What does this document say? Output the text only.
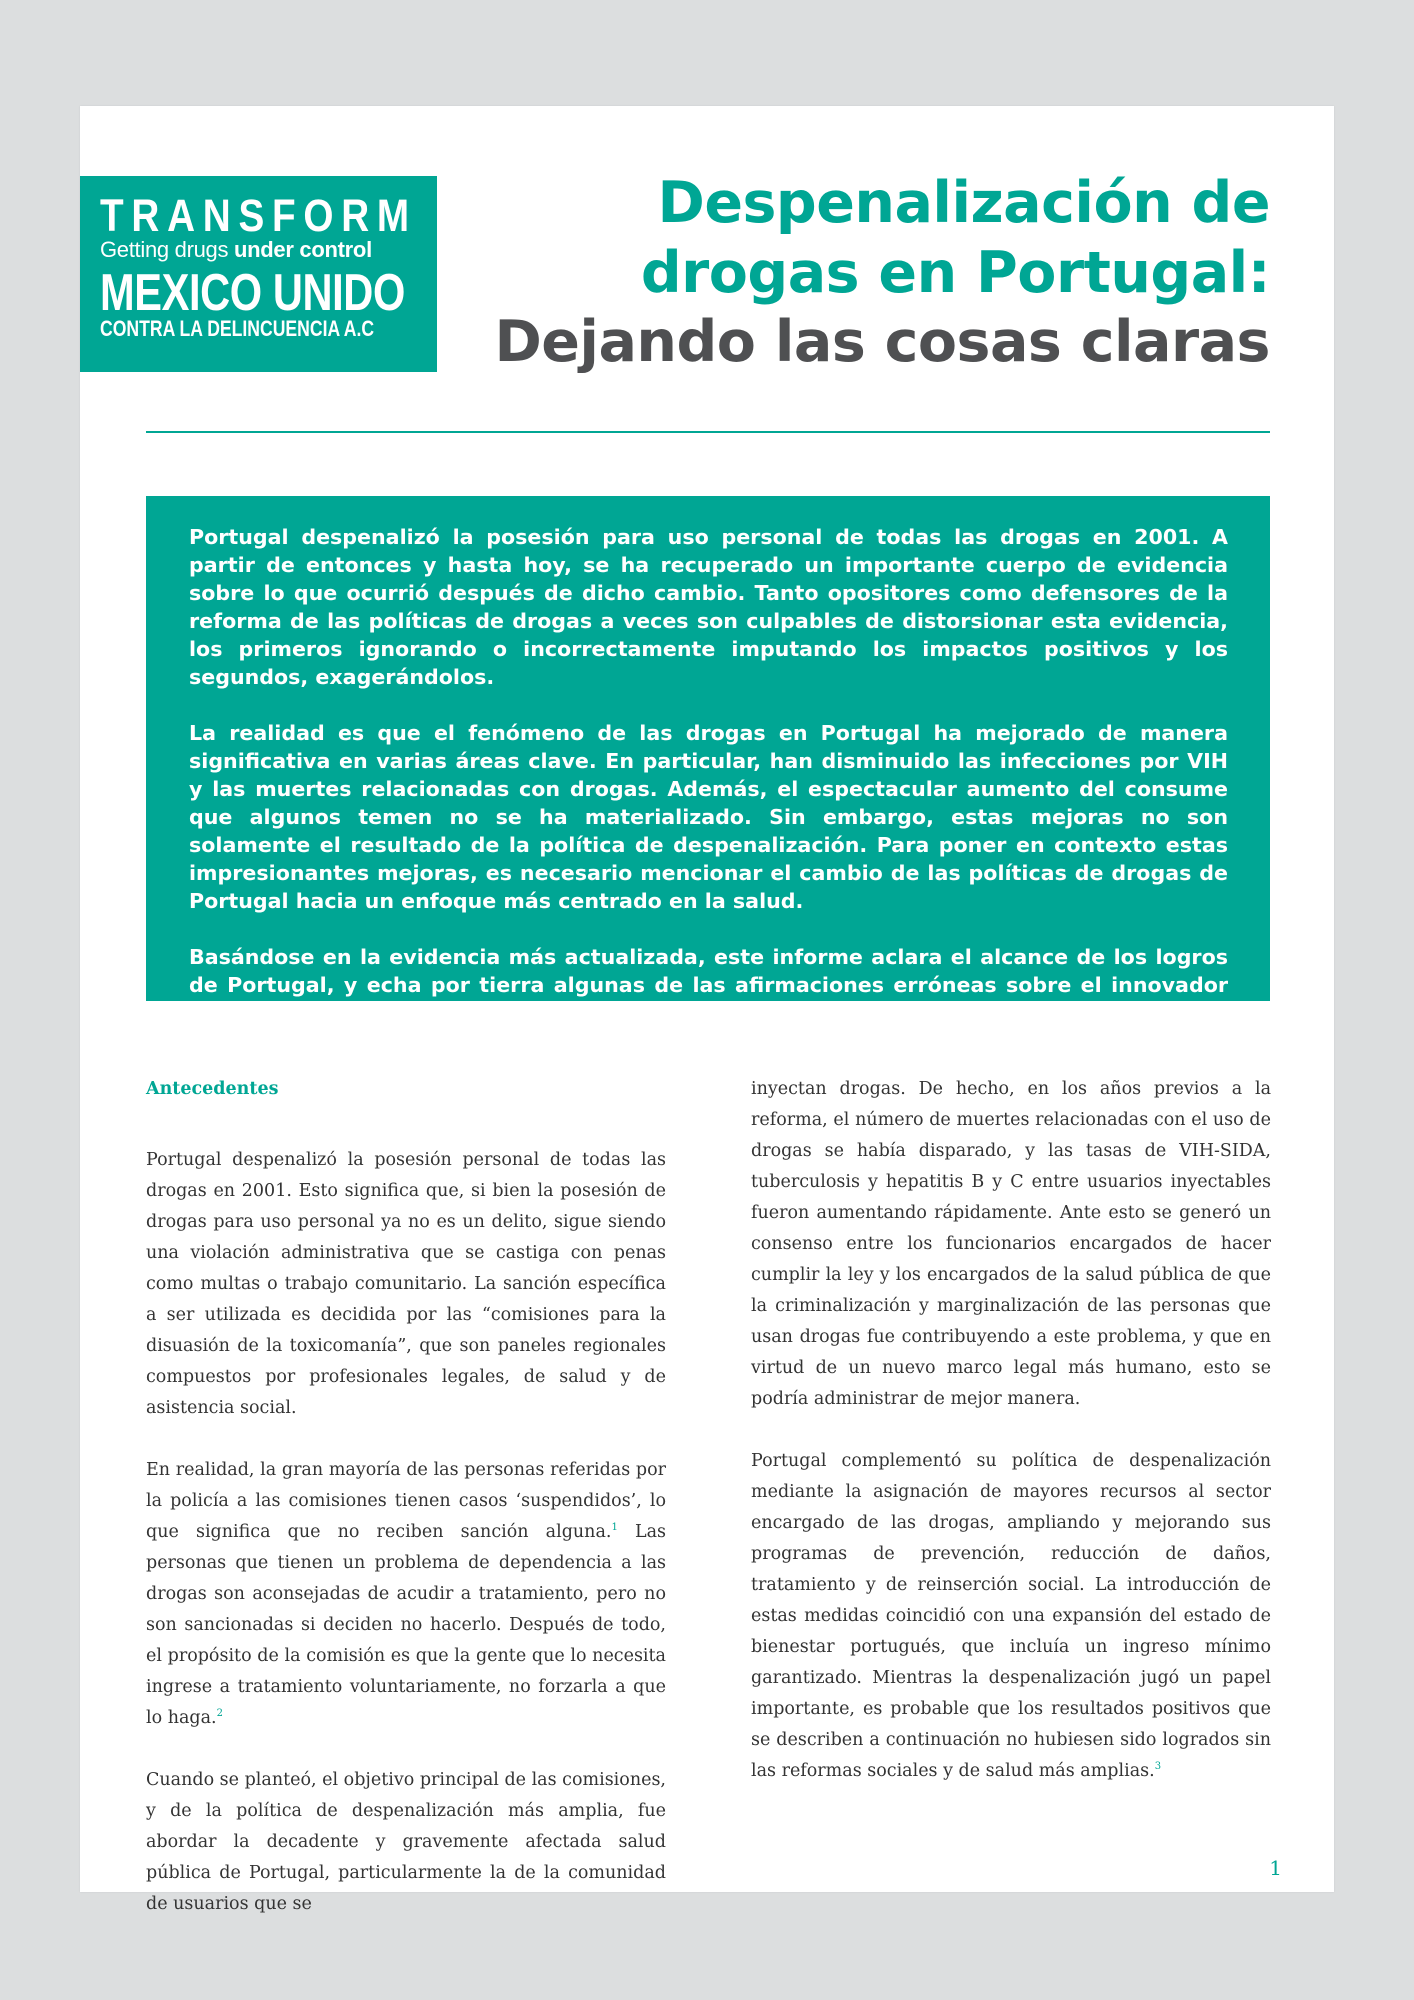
TRANSFORM
Getting drugs under control
MEXICO UNIDO
CONTRA LA DELINCUENCIA A.C
Despenalización de
drogas en Portugal:
Dejando las cosas claras

Portugal despenalizó la posesión para uso personal de todas las drogas en 2001. A partir de entonces y hasta hoy, se ha recuperado un importante cuerpo de evidencia sobre lo que ocurrió después de dicho cambio. Tanto opositores como defensores de la reforma de las políticas de drogas a veces son culpables de distorsionar esta evidencia, los primeros ignorando o incorrectamente imputando los impactos positivos y los segundos, exagerándolos.

La realidad es que el fenómeno de las drogas en Portugal ha mejorado de manera significativa en varias áreas clave. En particular, han disminuido las infecciones por VIH y las muertes relacionadas con drogas. Además, el espectacular aumento del consume que algunos temen no se ha materializado. Sin embargo, estas mejoras no son solamente el resultado de la política de despenalización. Para poner en contexto estas impresionantes mejoras, es necesario mencionar el cambio de las políticas de drogas de Portugal hacia un enfoque más centrado en la salud.

Basándose en la evidencia más actualizada, este informe aclara el alcance de los logros de Portugal, y echa por tierra algunas de las afirmaciones erróneas sobre el innovador enfoque del país hacia las drogas.

Antecedentes

Portugal despenalizó la posesión personal de todas las drogas en 2001. Esto significa que, si bien la posesión de drogas para uso personal ya no es un delito, sigue siendo una violación administrativa que se castiga con penas como multas o trabajo comunitario. La sanción específica a ser utilizada es decidida por las “comisiones para la disuasión de la toxicomanía”, que son paneles regionales compuestos por profesionales legales, de salud y de asistencia social.

En realidad, la gran mayoría de las personas referidas por la policía a las comisiones tienen casos ‘suspendidos’, lo que significa que no reciben sanción alguna.$^1$ Las personas que tienen un problema de dependencia a las drogas son aconsejadas de acudir a tratamiento, pero no son sancionadas si deciden no hacerlo. Después de todo, el propósito de la comisión es que la gente que lo necesita ingrese a tratamiento voluntariamente, no forzarla a que lo haga.$^2$

Cuando se planteó, el objetivo principal de las comisiones, y de la política de despenalización más amplia, fue abordar la decadente y gravemente afectada salud pública de Portugal, particularmente la de la comunidad de usuarios que se

inyectan drogas. De hecho, en los años previos a la reforma, el número de muertes relacionadas con el uso de drogas se había disparado, y las tasas de VIH-SIDA, tuberculosis y hepatitis B y C entre usuarios inyectables fueron aumentando rápidamente. Ante esto se generó un consenso entre los funcionarios encargados de hacer cumplir la ley y los encargados de la salud pública de que la criminalización y marginalización de las personas que usan drogas fue contribuyendo a este problema, y que en virtud de un nuevo marco legal más humano, esto se podría administrar de mejor manera.

Portugal complementó su política de despenalización mediante la asignación de mayores recursos al sector encargado de las drogas, ampliando y mejorando sus programas de prevención, reducción de daños, tratamiento y de reinserción social. La introducción de estas medidas coincidió con una expansión del estado de bienestar portugués, que incluía un ingreso mínimo garantizado. Mientras la despenalización jugó un papel importante, es probable que los resultados positivos que se describen a continuación no hubiesen sido logrados sin las reformas sociales y de salud más amplias.$^3$

1
